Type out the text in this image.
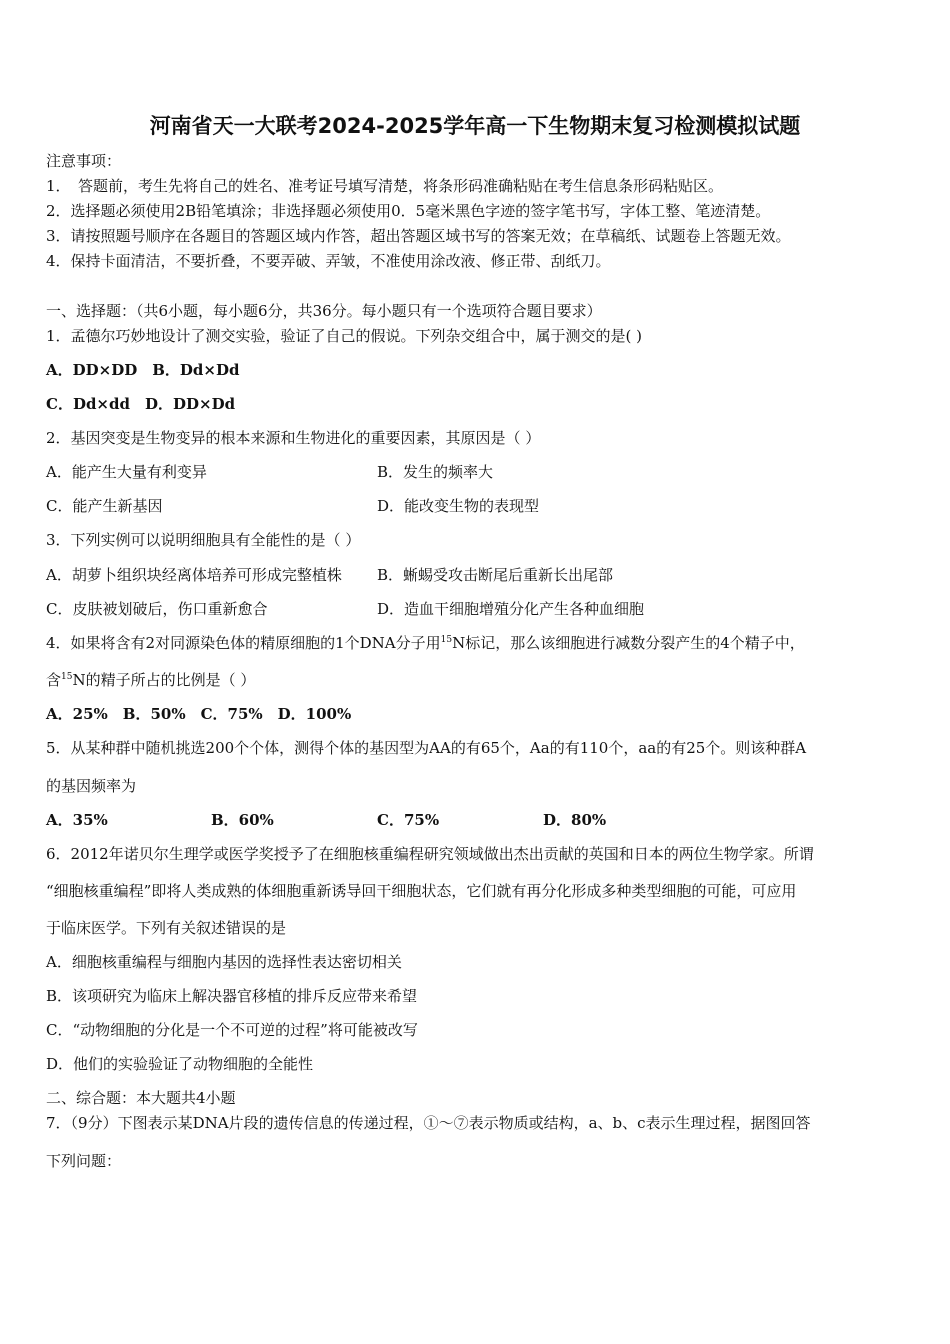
河南省天一大联考2024-2025学年高一下生物期末复习检测模拟试题
注意事项：
1．　答题前，考生先将自己的姓名、准考证号填写清楚，将条形码准确粘贴在考生信息条形码粘贴区。
2．选择题必须使用2B铅笔填涂；非选择题必须使用0．5毫米黑色字迹的签字笔书写，字体工整、笔迹清楚。
3．请按照题号顺序在各题目的答题区域内作答，超出答题区域书写的答案无效；在草稿纸、试题卷上答题无效。
4．保持卡面清洁，不要折叠，不要弄破、弄皱，不准使用涂改液、修正带、刮纸刀。
一、选择题：（共6小题，每小题6分，共36分。每小题只有一个选项符合题目要求）
1．孟德尔巧妙地设计了测交实验，验证了自己的假说。下列杂交组合中，属于测交的是( )
A．DD×DD　B．Dd×Dd
C．Dd×dd　D．DD×Dd
2．基因突变是生物变异的根本来源和生物进化的重要因素，其原因是（ ）
A．能产生大量有利变异	B．发生的频率大
C．能产生新基因	D．能改变生物的表现型
3．下列实例可以说明细胞具有全能性的是（ ）
A．胡萝卜组织块经离体培养可形成完整植株 B．蜥蜴受攻击断尾后重新长出尾部
C．皮肤被划破后，伤口重新愈合	D．造血干细胞增殖分化产生各种血细胞
4．如果将含有2对同源染色体的精原细胞的1个DNA分子用$^{15}$N标记，那么该细胞进行减数分裂产生的4个精子中，
含$^{15}$N的精子所占的比例是（ ）
A．25%　B．50%　C．75%　D．100%
5．从某种群中随机挑选200个个体，测得个体的基因型为AA的有65个，Aa的有110个，aa的有25个。则该种群A
的基因频率为
A．35%	B．60%	C．75%	D．80%
6．2012年诺贝尔生理学或医学奖授予了在细胞核重编程研究领域做出杰出贡献的英国和日本的两位生物学家。所谓
“细胞核重编程”即将人类成熟的体细胞重新诱导回干细胞状态，它们就有再分化形成多种类型细胞的可能，可应用
于临床医学。下列有关叙述错误的是
A．细胞核重编程与细胞内基因的选择性表达密切相关
B．该项研究为临床上解决器官移植的排斥反应带来希望
C．“动物细胞的分化是一个不可逆的过程”将可能被改写
D．他们的实验验证了动物细胞的全能性
二、综合题：本大题共4小题
7．（9分）下图表示某DNA片段的遗传信息的传递过程，①～⑦表示物质或结构，a、b、c表示生理过程，据图回答
下列问题：
